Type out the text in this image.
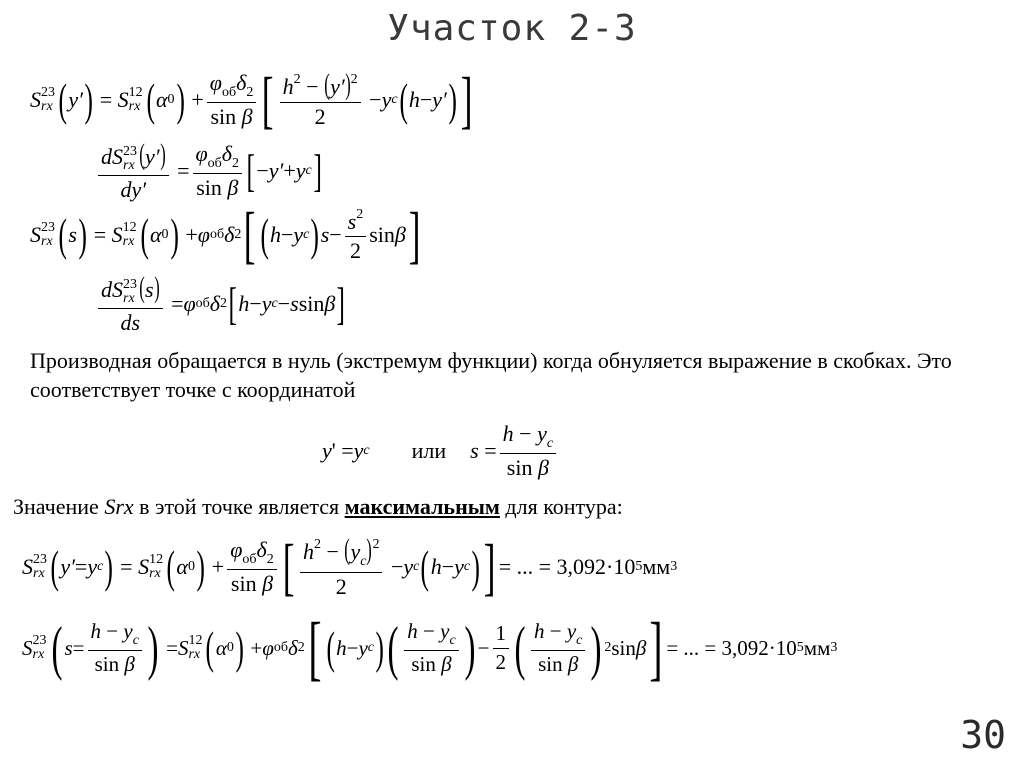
Участок 2-3
S 23
rx ( y′ ) = S 12
rx ( α 0 ) + $\frac{\varphi_{об}\delta_2}{\text{sin β}}$ [ $\frac{h^2 - (y')^2}{2} - y$ c ( h − y′ ) ]
dS 23
rx (y′)
$dy' = \frac{\varphi_{об}\delta_2}{\text{sin β}}$ [ − y′ + y c ]
S 23
rx ( s ) = S 12
rx ( α 0 ) + φ об δ 2 [ ( h − y c ) $s - \frac{s^2}{2}$ sin β ]
dS 23
rx (s)
ds = φ об δ 2 [ h − y c − s sin β ]
Производная обращается в нуль (экстремум функции) когда обнуляется выражение в скобках. Это соответствует точке с координатой
y ' = y c или $s = \frac{h - y_c}{\text{sin β}}$
Значение Srx в этой точке является максимальным для контура:
S 23
rx ( y′ = y c ) = S 12
rx ( α 0 ) + $\frac{\varphi_{об}\delta_2}{\text{sin β}}$ [ $\frac{h^2 - (y_c)^2}{2} - y$ c ( h − y c ) ] = ... = 3,092·10 5 мм 3
S 23
rx ( $s = \frac{h - y_c}{\text{sin β}}$ ) = S 12
rx ( α 0 ) + φ об δ 2 [ ( h − y c ) ( $\frac{h - y_c}{\text{sin β}}$ ) − $\frac{1}{2}$ ( $\frac{h - y_c}{\text{sin β}}$ ) 2 sin β ] = ... = 3,092·10 5 мм 3
30
